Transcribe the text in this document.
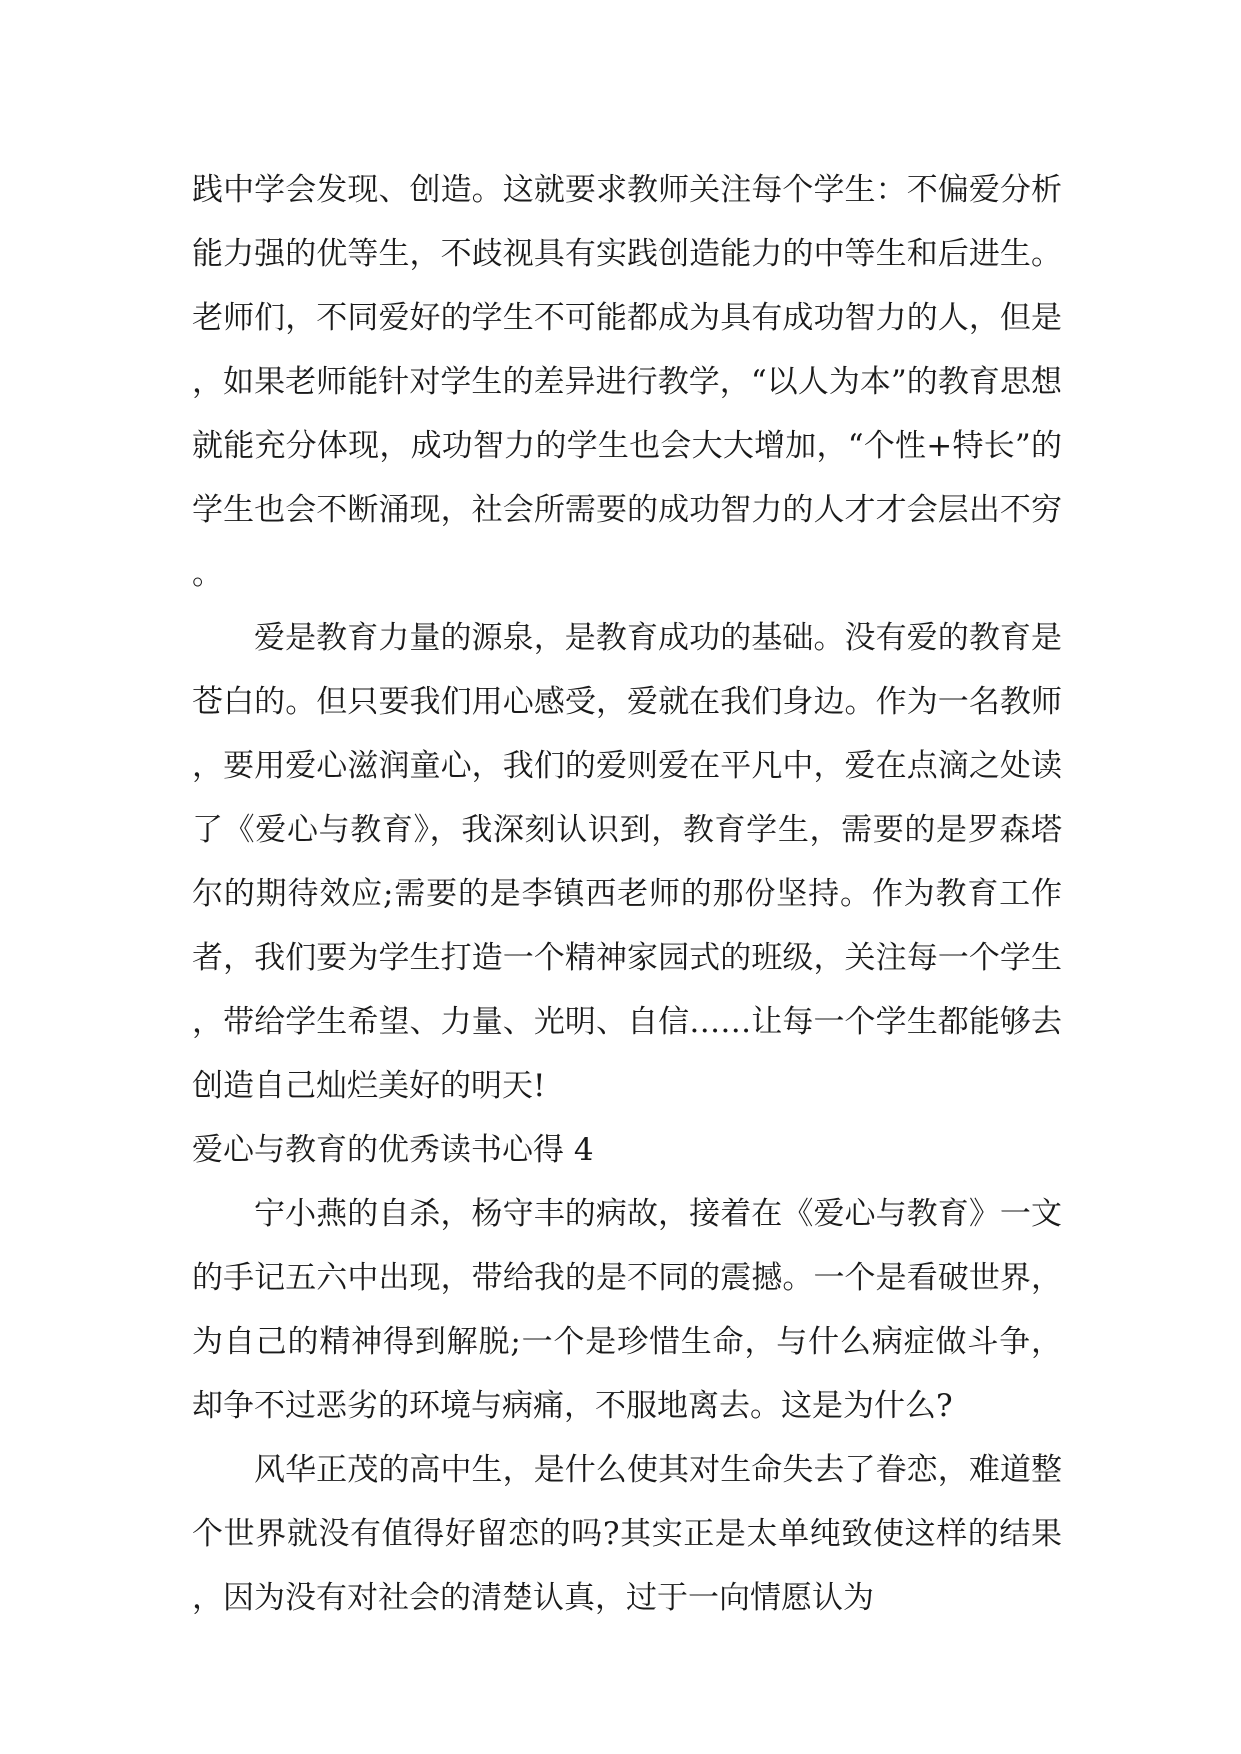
践中学会发现、创造。这就要求教师关注每个学生：不偏爱分析能力强的优等生，不歧视具有实践创造能力的中等生和后进生。老师们，不同爱好的学生不可能都成为具有成功智力的人，但是，如果老师能针对学生的差异进行教学，“以人为本”的教育思想就能充分体现，成功智力的学生也会大大增加，“个性+特长”的学生也会不断涌现，社会所需要的成功智力的人才才会层出不穷。

爱是教育力量的源泉，是教育成功的基础。没有爱的教育是苍白的。但只要我们用心感受，爱就在我们身边。作为一名教师，要用爱心滋润童心，我们的爱则爱在平凡中，爱在点滴之处读了《爱心与教育》，我深刻认识到，教育学生，需要的是罗森塔尔的期待效应;需要的是李镇西老师的那份坚持。作为教育工作者，我们要为学生打造一个精神家园式的班级，关注每一个学生，带给学生希望、力量、光明、自信……让每一个学生都能够去创造自己灿烂美好的明天!

爱心与教育的优秀读书心得 4

宁小燕的自杀，杨守丰的病故，接着在《爱心与教育》一文的手记五六中出现，带给我的是不同的震撼。一个是看破世界，为自己的精神得到解脱;一个是珍惜生命，与什么病症做斗争，却争不过恶劣的环境与病痛，不服地离去。这是为什么?

风华正茂的高中生，是什么使其对生命失去了眷恋，难道整个世界就没有值得好留恋的吗?其实正是太单纯致使这样的结果，因为没有对社会的清楚认真，过于一向情愿认为
